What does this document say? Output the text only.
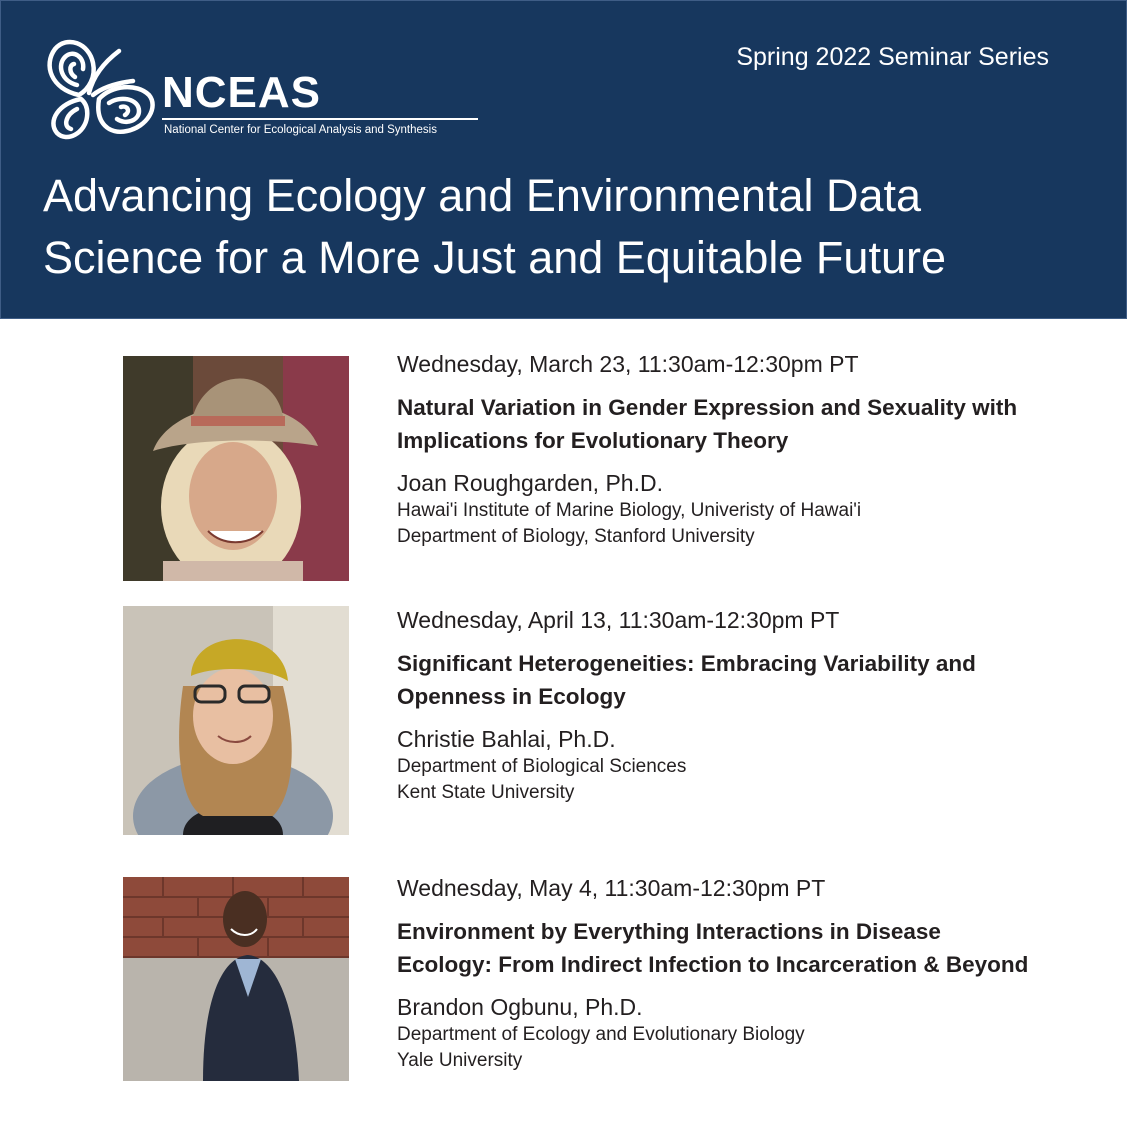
NCEAS
National Center for Ecological Analysis and Synthesis
Spring 2022 Seminar Series
Advancing Ecology and Environmental Data
Science for a More Just and Equitable Future
Wednesday, March 23, 11:30am-12:30pm PT
Natural Variation in Gender Expression and Sexuality with
Implications for Evolutionary Theory
Joan Roughgarden, Ph.D.
Hawai'i Institute of Marine Biology, Univeristy of Hawai'i
Department of Biology, Stanford University
Wednesday, April 13, 11:30am-12:30pm PT
Significant Heterogeneities: Embracing Variability and
Openness in Ecology
Christie Bahlai, Ph.D.
Department of Biological Sciences
Kent State University
Wednesday, May 4, 11:30am-12:30pm PT
Environment by Everything Interactions in Disease
Ecology: From Indirect Infection to Incarceration & Beyond
Brandon Ogbunu, Ph.D.
Department of Ecology and Evolutionary Biology
Yale University
